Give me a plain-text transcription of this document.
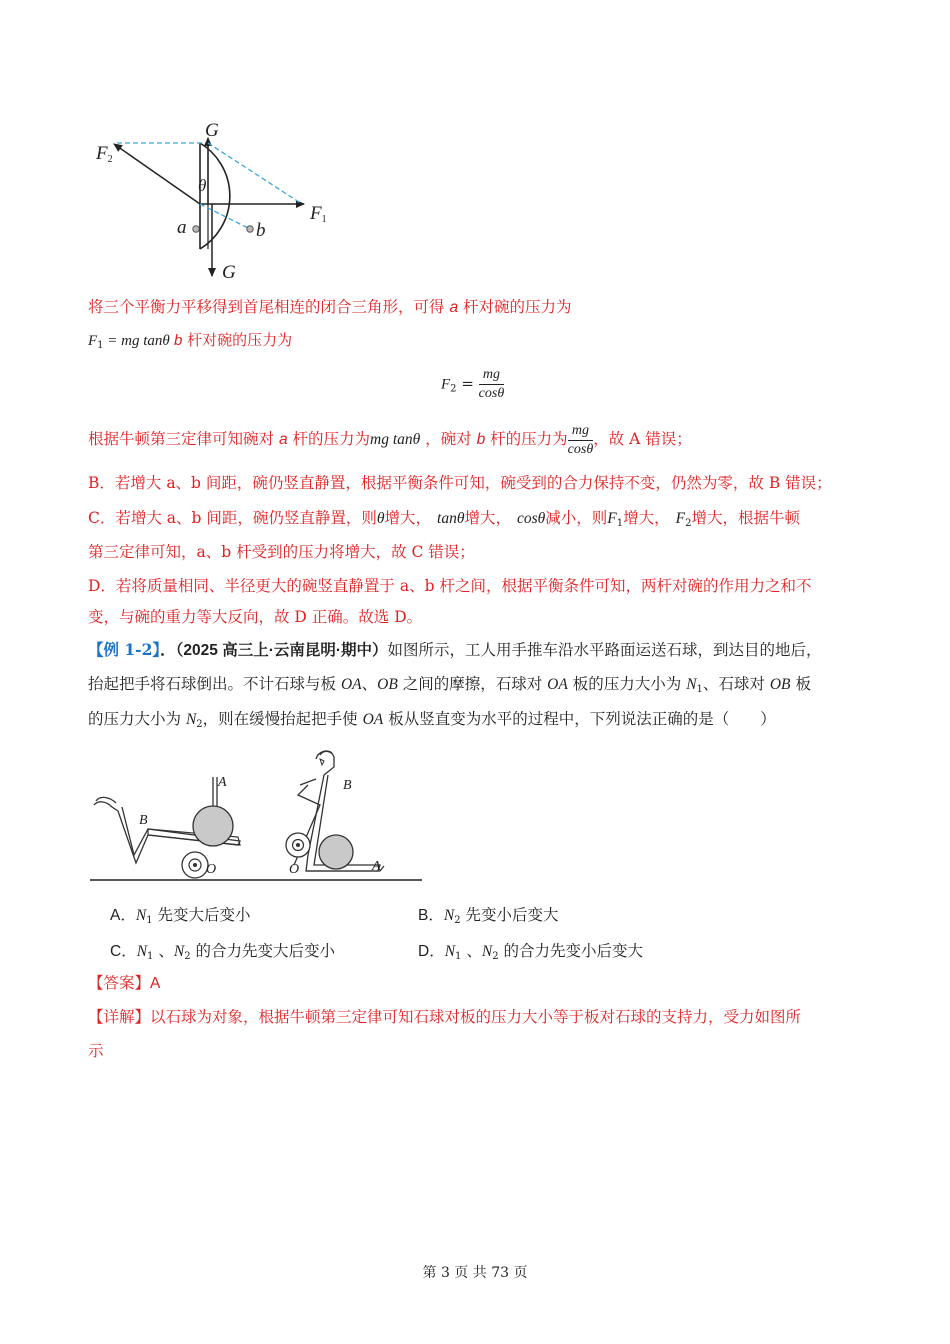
G
G
$F_2$
$F_1$
θ
a	b
将三个平衡力平移得到首尾相连的闭合三角形，可得 a 杆对碗的压力为
$F_1$ = mg tanθ b 杆对碗的压力为
$F_2 = \frac{mg}{\cos\theta}$
根据牛顿第三定律可知碗对 a 杆的压力为mg tanθ ，碗对 b 杆的压力为 $\frac{mg}{\cos\theta}$ ，故 A 错误；
B．若增大 a、b 间距，碗仍竖直静置，根据平衡条件可知，碗受到的合力保持不变，仍然为零，故 B 错误；
C．若增大 a、b 间距，碗仍竖直静置，则θ增大， tanθ增大， cosθ减小，则$F_1$增大， $F_2$增大，根据牛顿
第三定律可知，a、b 杆受到的压力将增大，故 C 错误；
D．若将质量相同、半径更大的碗竖直静置于 a、b 杆之间，根据平衡条件可知，两杆对碗的作用力之和不
变，与碗的重力等大反向，故 D 正确。故选 D。
【例 1-2】．（2025 高三上·云南昆明·期中）如图所示，工人用手推车沿水平路面运送石球，到达目的地后，
抬起把手将石球倒出。不计石球与板 OA、OB 之间的摩擦，石球对 OA 板的压力大小为 $N_1$、石球对 OB 板
的压力大小为 $N_2$，则在缓慢抬起把手使 OA 板从竖直变为水平的过程中，下列说法正确的是（　　）
A
B
O	A
B
O
A．$N_1$ 先变大后变小	B．$N_2$ 先变小后变大
C．$N_1$ 、$N_2$ 的合力先变大后变小	D．$N_1$ 、$N_2$ 的合力先变小后变大
【答案】A
【详解】以石球为对象，根据牛顿第三定律可知石球对板的压力大小等于板对石球的支持力，受力如图所
示
第 3 页 共 73 页
